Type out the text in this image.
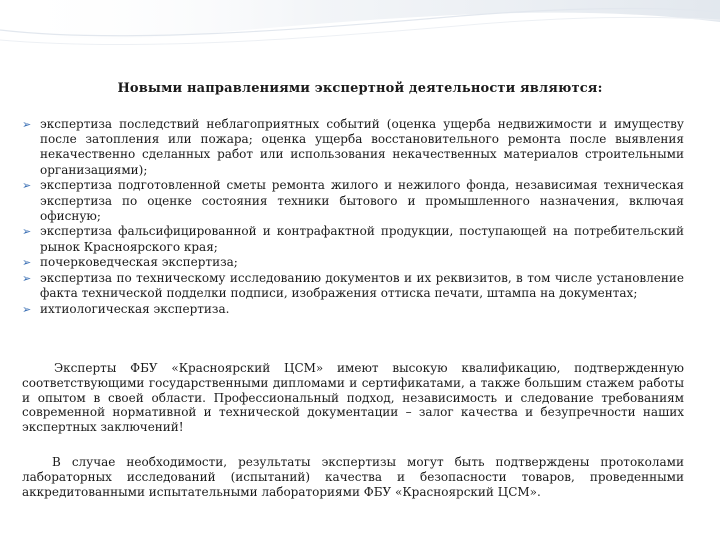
Новыми направлениями экспертной деятельности являются:
➢ экспертиза последствий неблагоприятных событий (оценка ущерба недвижимости и имуществу после затопления или пожара; оценка ущерба восстановительного ремонта после выявления некачественно сделанных работ или использования некачественных материалов строительными организациями);
➢ экспертиза подготовленной сметы ремонта жилого и нежилого фонда, независимая техническая экспертиза по оценке состояния техники бытового и промышленного назначения, включая офисную;
➢ экспертиза фальсифицированной и контрафактной продукции, поступающей на потребительский рынок Красноярского края;
➢ почерковедческая экспертиза;
➢ экспертиза по техническому исследованию документов и их реквизитов, в том числе установление факта технической подделки подписи, изображения оттиска печати, штампа на документах;
➢ ихтиологическая экспертиза.

Эксперты ФБУ «Красноярский ЦСМ» имеют высокую квалификацию, подтвержденную соответствующими государственными дипломами и сертификатами, а также большим стажем работы и опытом в своей области. Профессиональный подход, независимость и следование требованиям современной нормативной и технической документации – залог качества и безупречности наших экспертных заключений!

В случае необходимости, результаты экспертизы могут быть подтверждены протоколами лабораторных исследований (испытаний) качества и безопасности товаров, проведенными аккредитованными испытательными лабораториями ФБУ «Красноярский ЦСМ».
